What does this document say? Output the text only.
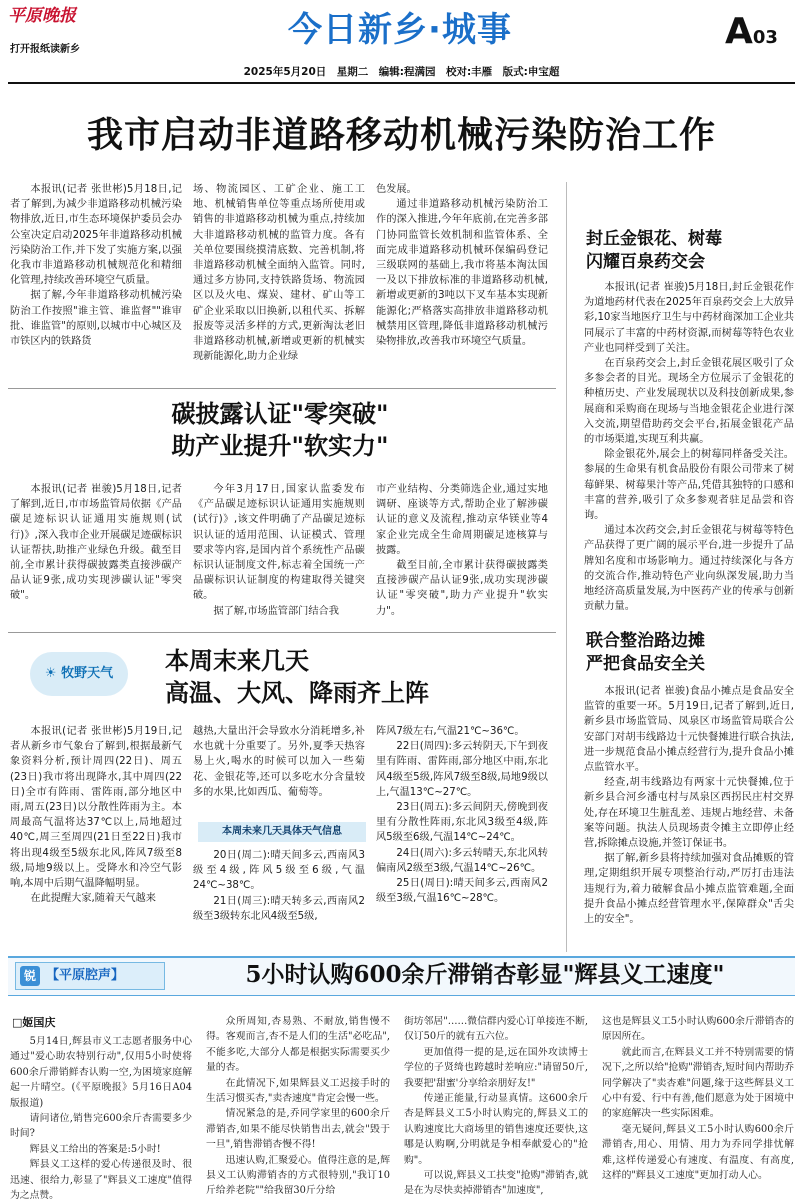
平原晚报
打开报纸读新乡	今日新乡·城事	A03
2025年5月20日　星期二　编辑:程满园　校对:丰雁　版式:申宝超
我市启动非道路移动机械污染防治工作

本报讯(记者 张世彬)5月18日,记者了解到,为减少非道路移动机械污染物排放,近日,市生态环境保护委员会办公室决定启动2025年非道路移动机械污染防治工作,并下发了实施方案,以强化我市非道路移动机械规范化和精细化管理,持续改善环境空气质量。

据了解,今年非道路移动机械污染防治工作按照"谁主管、谁监督""谁审批、谁监管"的原则,以城市中心城区及市铁区内的铁路货

场、物流园区、工矿企业、施工工地、机械销售单位等重点场所使用或销售的非道路移动机械为重点,持续加大非道路移动机械的监管力度。各有关单位要围绕摸清底数、完善机制,将非道路移动机械全面纳入监管。同时,通过多方协同,支持铁路货场、物流园区以及火电、煤炭、建材、矿山等工矿企业采取以旧换新,以租代买、拆解报废等灵活多样的方式,更新淘汰老旧非道路移动机械,新增或更新的机械实现新能源化,助力企业绿

色发展。

通过非道路移动机械污染防治工作的深入推进,今年年底前,在完善多部门协同监管长效机制和监管体系、全面完成非道路移动机械环保编码登记三级联网的基础上,我市将基本淘汰国一及以下排放标准的非道路移动机械,新增或更新的3吨以下叉车基本实现新能源化;严格落实高排放非道路移动机械禁用区管理,降低非道路移动机械污染物排放,改善我市环境空气质量。

碳披露认证"零突破"
助产业提升"软实力"
本报讯(记者 崔骏)5月18日,记者了解到,近日,市市场监管局依据《产品碳足迹标识认证通用实施规则(试行)》,深入我市企业开展碳足迹碳标识认证帮扶,助推产业绿色升级。截至目前,全市累计获得碳披露类直接涉碳产品认证9张,成功实现涉碳认证"零突破"。

今年3月17日,国家认监委发布《产品碳足迹标识认证通用实施规则(试行)》,该文件明确了产品碳足迹标识认证的适用范围、认证模式、管理要求等内容,是国内首个系统性产品碳标识认证制度文件,标志着全国统一产品碳标识认证制度的构建取得关键突破。

据了解,市场监管部门结合我

市产业结构、分类筛选企业,通过实地调研、座谈等方式,帮助企业了解涉碳认证的意义及流程,推动京华镁业等4家企业完成全生命周期碳足迹核算与披露。

截至目前,全市累计获得碳披露类直接涉碳产品认证9张,成功实现涉碳认证"零突破",助力产业提升"软实力"。

封丘金银花、树莓
闪耀百泉药交会

本报讯(记者 崔骏)5月18日,封丘金银花作为道地药材代表在2025年百泉药交会上大放异彩,10家当地医疗卫生与中药材商深加工企业共同展示了丰富的中药材资源,而树莓等特色农业产业也同样受到了关注。

在百泉药交会上,封丘金银花展区吸引了众多参会者的目光。现场全方位展示了金银花的种植历史、产业发展现状以及科技创新成果,参展商和采购商在现场与当地金银花企业进行深入交流,期望借助药交会平台,拓展金银花产品的市场渠道,实现互利共赢。

除金银花外,展会上的树莓同样备受关注。参展的生命果有机食品股份有限公司带来了树莓鲜果、树莓果汁等产品,凭借其独特的口感和丰富的营养,吸引了众多参观者驻足品尝和咨询。

通过本次药交会,封丘金银花与树莓等特色产品获得了更广阔的展示平台,进一步提升了品牌知名度和市场影响力。通过持续深化与各方的交流合作,推动特色产业向纵深发展,助力当地经济高质量发展,为中医药产业的传承与创新贡献力量。

联合整治路边摊
严把食品安全关

本报讯(记者 崔骏)食品小摊点是食品安全监管的重要一环。5月19日,记者了解到,近日,新乡县市场监管局、凤泉区市场监管局联合公安部门对胡韦线路边十元快餐摊进行联合执法,进一步规范食品小摊点经营行为,提升食品小摊点监管水平。

经查,胡韦线路边有两家十元快餐摊,位于新乡县合河乡潘屯村与凤泉区西拐民庄村交界处,存在环境卫生脏乱差、违规占地经营、未备案等问题。执法人员现场责令摊主立即停止经营,拆除摊点设施,并签订保证书。

据了解,新乡县将持续加强对食品摊贩的管理,定期组织开展专项整治行动,严厉打击违法违规行为,着力破解食品小摊点监管难题,全面提升食品小摊点经营管理水平,保障群众"舌尖上的安全"。

☀ 牧野天气	本周末来几天
高温、大风、降雨齐上阵

本报讯(记者 张世彬)5月19日,记者从新乡市气象台了解到,根据最新气象资料分析,预计周四(22日)、周五(23日)我市将出现降水,其中周四(22日)全市有阵雨、雷阵雨,部分地区中雨,周五(23日)以分散性阵雨为主。本周最高气温将达37℃以上,局地超过40℃,周三至周四(21日至22日)我市将出现4级至5级东北风,阵风7级至8级,局地9级以上。受降水和冷空气影响,本周中后期气温降幅明显。

在此提醒大家,随着天气越来

越热,大量出汗会导致水分消耗增多,补水也就十分重要了。另外,夏季天热容易上火,喝水的时候可以加入一些菊花、金银花等,还可以多吃水分含量较多的水果,比如西瓜、葡萄等。
本周未来几天具体天气信息

20日(周二):晴天间多云,西南风3级至4级,阵风5级至6级,气温24℃~38℃。

21日(周三):晴天转多云,西南风2级至3级转东北风4级至5级,

阵风7级左右,气温21℃~36℃。

22日(周四):多云转阴天,下午到夜里有阵雨、雷阵雨,部分地区中雨,东北风4级至5级,阵风7级至8级,局地9级以上,气温13℃~27℃。

23日(周五):多云间阴天,傍晚到夜里有分散性阵雨,东北风3级至4级,阵风5级至6级,气温14℃~24℃。

24日(周六):多云转晴天,东北风转偏南风2级至3级,气温14℃~26℃。

25日(周日):晴天间多云,西南风2级至3级,气温16℃~28℃。

锐 【平原腔声】	5小时认购600余斤滞销杏彰显"辉县义工速度"
□姬国庆

5月14日,辉县市义工志愿者服务中心通过"爱心助农特别行动",仅用5小时使将600余斤滞销鲜杏认购一空,为困境家庭解起一片晴空。(《平原晚报》5月16日A04版报道)

请问诸位,销售完600余斤杏需要多少时间?

辉县义工给出的答案是:5小时!

辉县义工这样的爱心传递很及时、很迅速、很给力,彰显了"辉县义工速度"值得为之点赞。

众所周知,杏易熟、不耐放,销售慢不得。客观而言,杏不是人们的生活"必吃品",不能多吃,大部分人都是根据实际需要买少量的杏。

在此情况下,如果辉县义工迟接手时的生活习惯买杏,"卖杏速度"肯定会慢一些。

情况紧急的是,乔同学家里的600余斤滞销杏,如果不能尽快销售出去,就会"毁于一旦",销售滞销杏慢不得!

迅速认购,汇聚爱心。值得注意的是,辉县义工认购滞销杏的方式很特别,"我订10斤给养老院""给我留30斤分给

街坊邻居"……微信群内爱心订单接连不断,仅订50斤的就有五六位。

更加值得一提的是,远在国外攻读博士学位的子贤绮也跨越时差响应:"请留50斤,我要把'甜蜜'分享给亲朋好友!"

传递正能量,行动显真情。这600余斤杏是辉县义工5小时认购完的,辉县义工的认购速度比大商场里的销售速度还要快,这哪是认购啊,分明就是争相奉献爱心的"抢购"。

可以说,辉县义工扶变"抢购"滞销杏,就是在为尽快卖掉滞销杏"加速度",

这也是辉县义工5小时认购600余斤滞销杏的原因所在。

就此而言,在辉县义工并不特别需要的情况下,之所以给"抢购"滞销杏,短时间内帮助乔同学解决了"卖杏难"问题,缘于这些辉县义工心中有爱、行中有善,他们愿意为处于困境中的家庭解决一些实际困难。

毫无疑问,辉县义工5小时认购600余斤滞销杏,用心、用情、用力为乔同学排忧解难,这样传递爱心有速度、有温度、有高度,这样的"辉县义工速度"更加打动人心。
